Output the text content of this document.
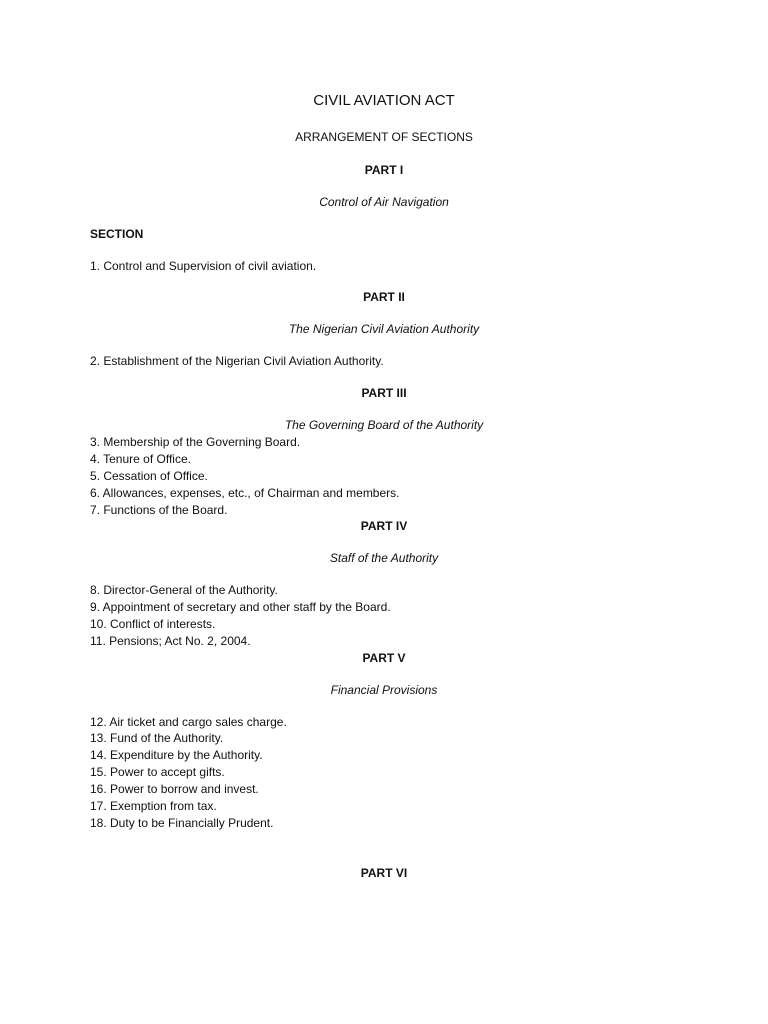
CIVIL AVIATION ACT
ARRANGEMENT OF SECTIONS
PART I
Control of Air Navigation
SECTION
1. Control and Supervision of civil aviation.
PART II
The Nigerian Civil Aviation Authority
2. Establishment of the Nigerian Civil Aviation Authority.
PART III
The Governing Board of the Authority
3. Membership of the Governing Board.
4. Tenure of Office.
5. Cessation of Office.
6. Allowances, expenses, etc., of Chairman and members.
7. Functions of the Board.
PART IV
Staff of the Authority
8. Director-General of the Authority.
9. Appointment of secretary and other staff by the Board.
10. Conflict of interests.
11. Pensions; Act No. 2, 2004.
PART V
Financial Provisions
12. Air ticket and cargo sales charge.
13. Fund of the Authority.
14. Expenditure by the Authority.
15. Power to accept gifts.
16. Power to borrow and invest.
17. Exemption from tax.
18. Duty to be Financially Prudent.
PART VI
